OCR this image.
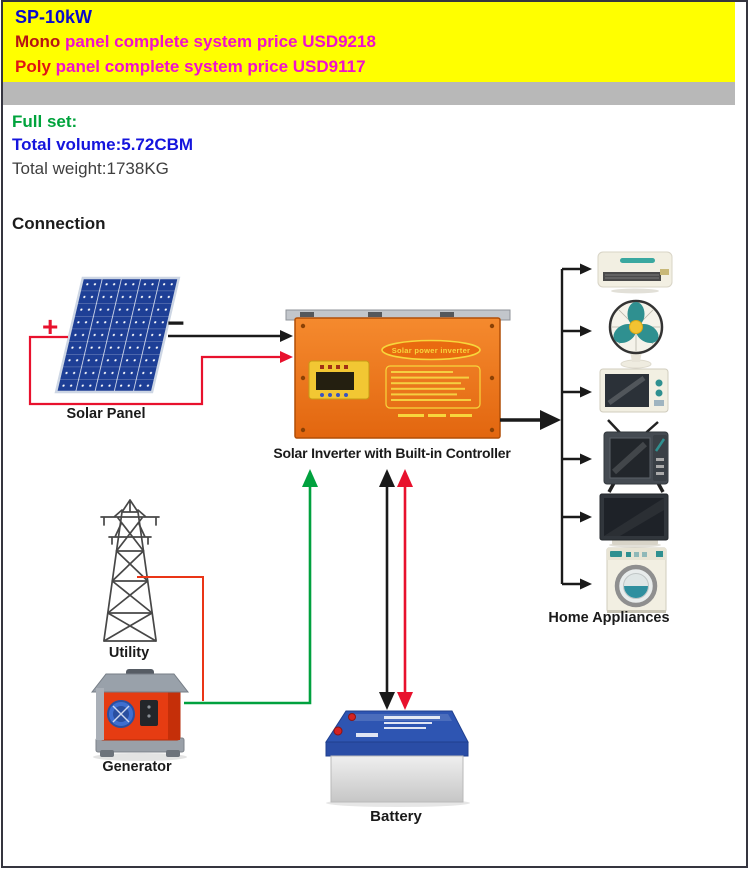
SP-10kW
Mono panel complete system price USD9218
Poly panel complete system price USD9117
Full set:
Total volume:5.72CBM
Total weight:1738KG
Connection
+	−
Solar Panel
Solar power inverter
Solar Inverter with Built-in Controller
Home Appliances
Utility
Generator
Battery
